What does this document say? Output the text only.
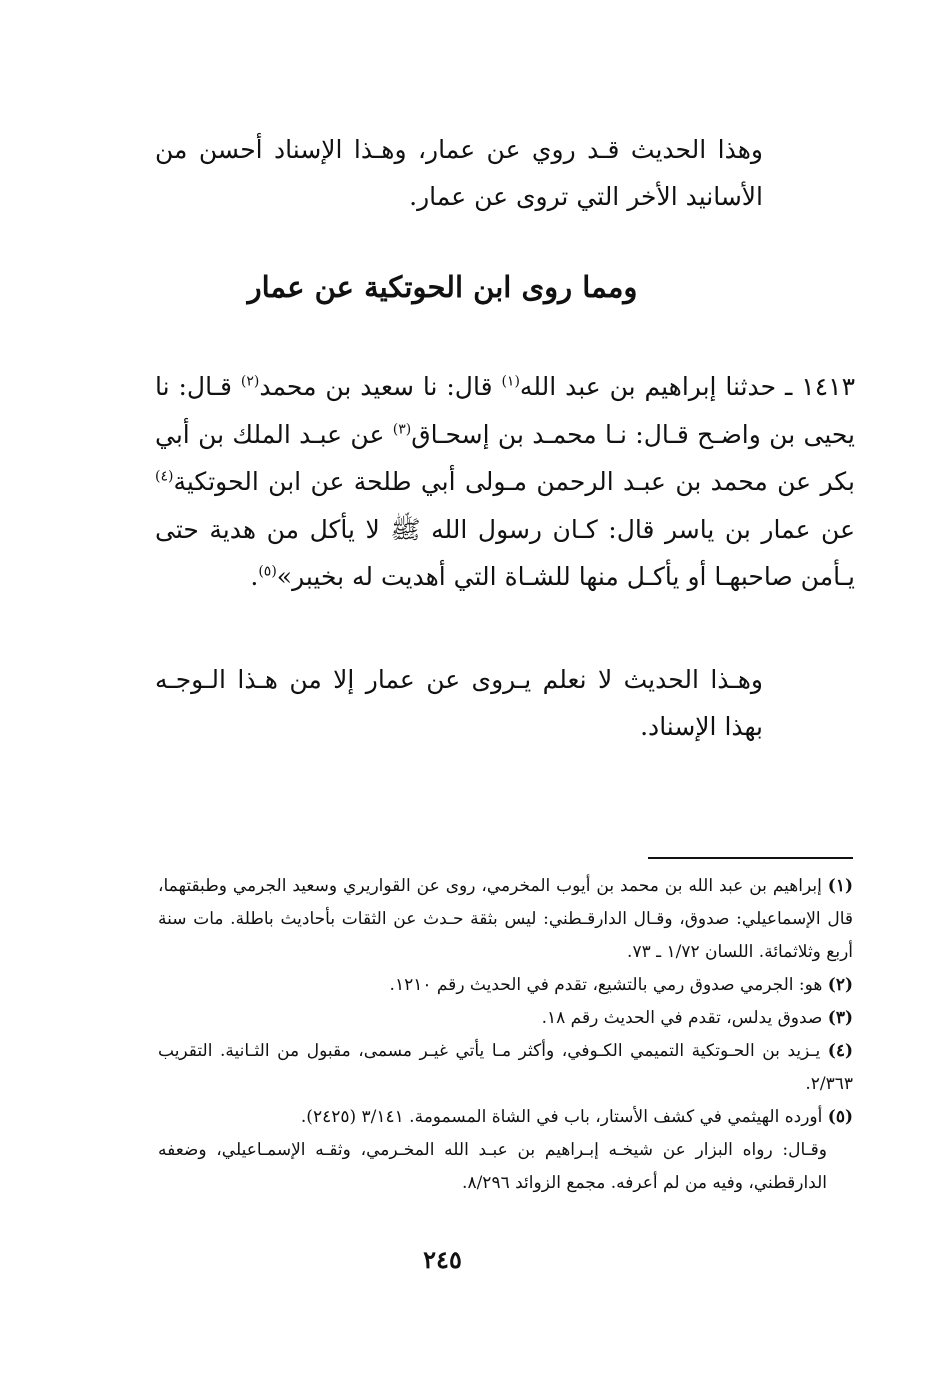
وهذا الحديث قـد روي عن عمار، وهـذا الإسناد أحسن من الأسانيد الأخر التي تروى عن عمار.

ومما روى ابن الحوتكية عن عمار

١٤١٣ ـ حدثنا إبراهيم بن عبد الله$^{(١)}$ قال: نا سعيد بن محمد$^{(٢)}$ قـال: نا يحيى بن واضـح قـال: نـا محمـد بن إسحـاق$^{(٣)}$ عن عبـد الملك بن أبي بكر عن محمد بن عبـد الرحمن مـولى أبي طلحة عن ابن الحوتكية$^{(٤)}$ عن عمار بن ياسر قال: كـان رسول الله ﷺ لا يأكل من هدية حتى يـأمن صاحبهـا أو يأكـل منها للشـاة التي أهديت له بخيبر»$^{(٥)}$.

وهـذا الحديث لا نعلم يـروى عن عمار إلا من هـذا الـوجـه بهذا الإسناد.

(١) إبراهيم بن عبد الله بن محمد بن أيوب المخرمي، روى عن القواريري وسعيد الجرمي وطبقتهما، قال الإسماعيلي: صدوق، وقـال الدارقـطني: ليس بثقة حـدث عن الثقات بأحاديث باطلة. مات سنة أربع وثلاثمائة. اللسان ١/٧٢ ـ ٧٣.
(٢) هو: الجرمي صدوق رمي بالتشيع، تقدم في الحديث رقم ١٢١٠.
(٣) صدوق يدلس، تقدم في الحديث رقم ١٨.
(٤) يـزيد بن الحـوتكية التميمي الكـوفي، وأكثر مـا يأتي غيـر مسمى، مقبول من الثـانية. التقريب ٢/٣٦٣.
(٥) أورده الهيثمي في كشف الأستار، باب في الشاة المسمومة. ٣/١٤١ (٢٤٢٥).
وقـال: رواه البزار عن شيخـه إبـراهيم بن عبـد الله المخـرمي، وثقـه الإسمـاعيلي، وضعفه الدارقطني، وفيه من لم أعرفه. مجمع الزوائد ٨/٢٩٦.
٢٤٥
